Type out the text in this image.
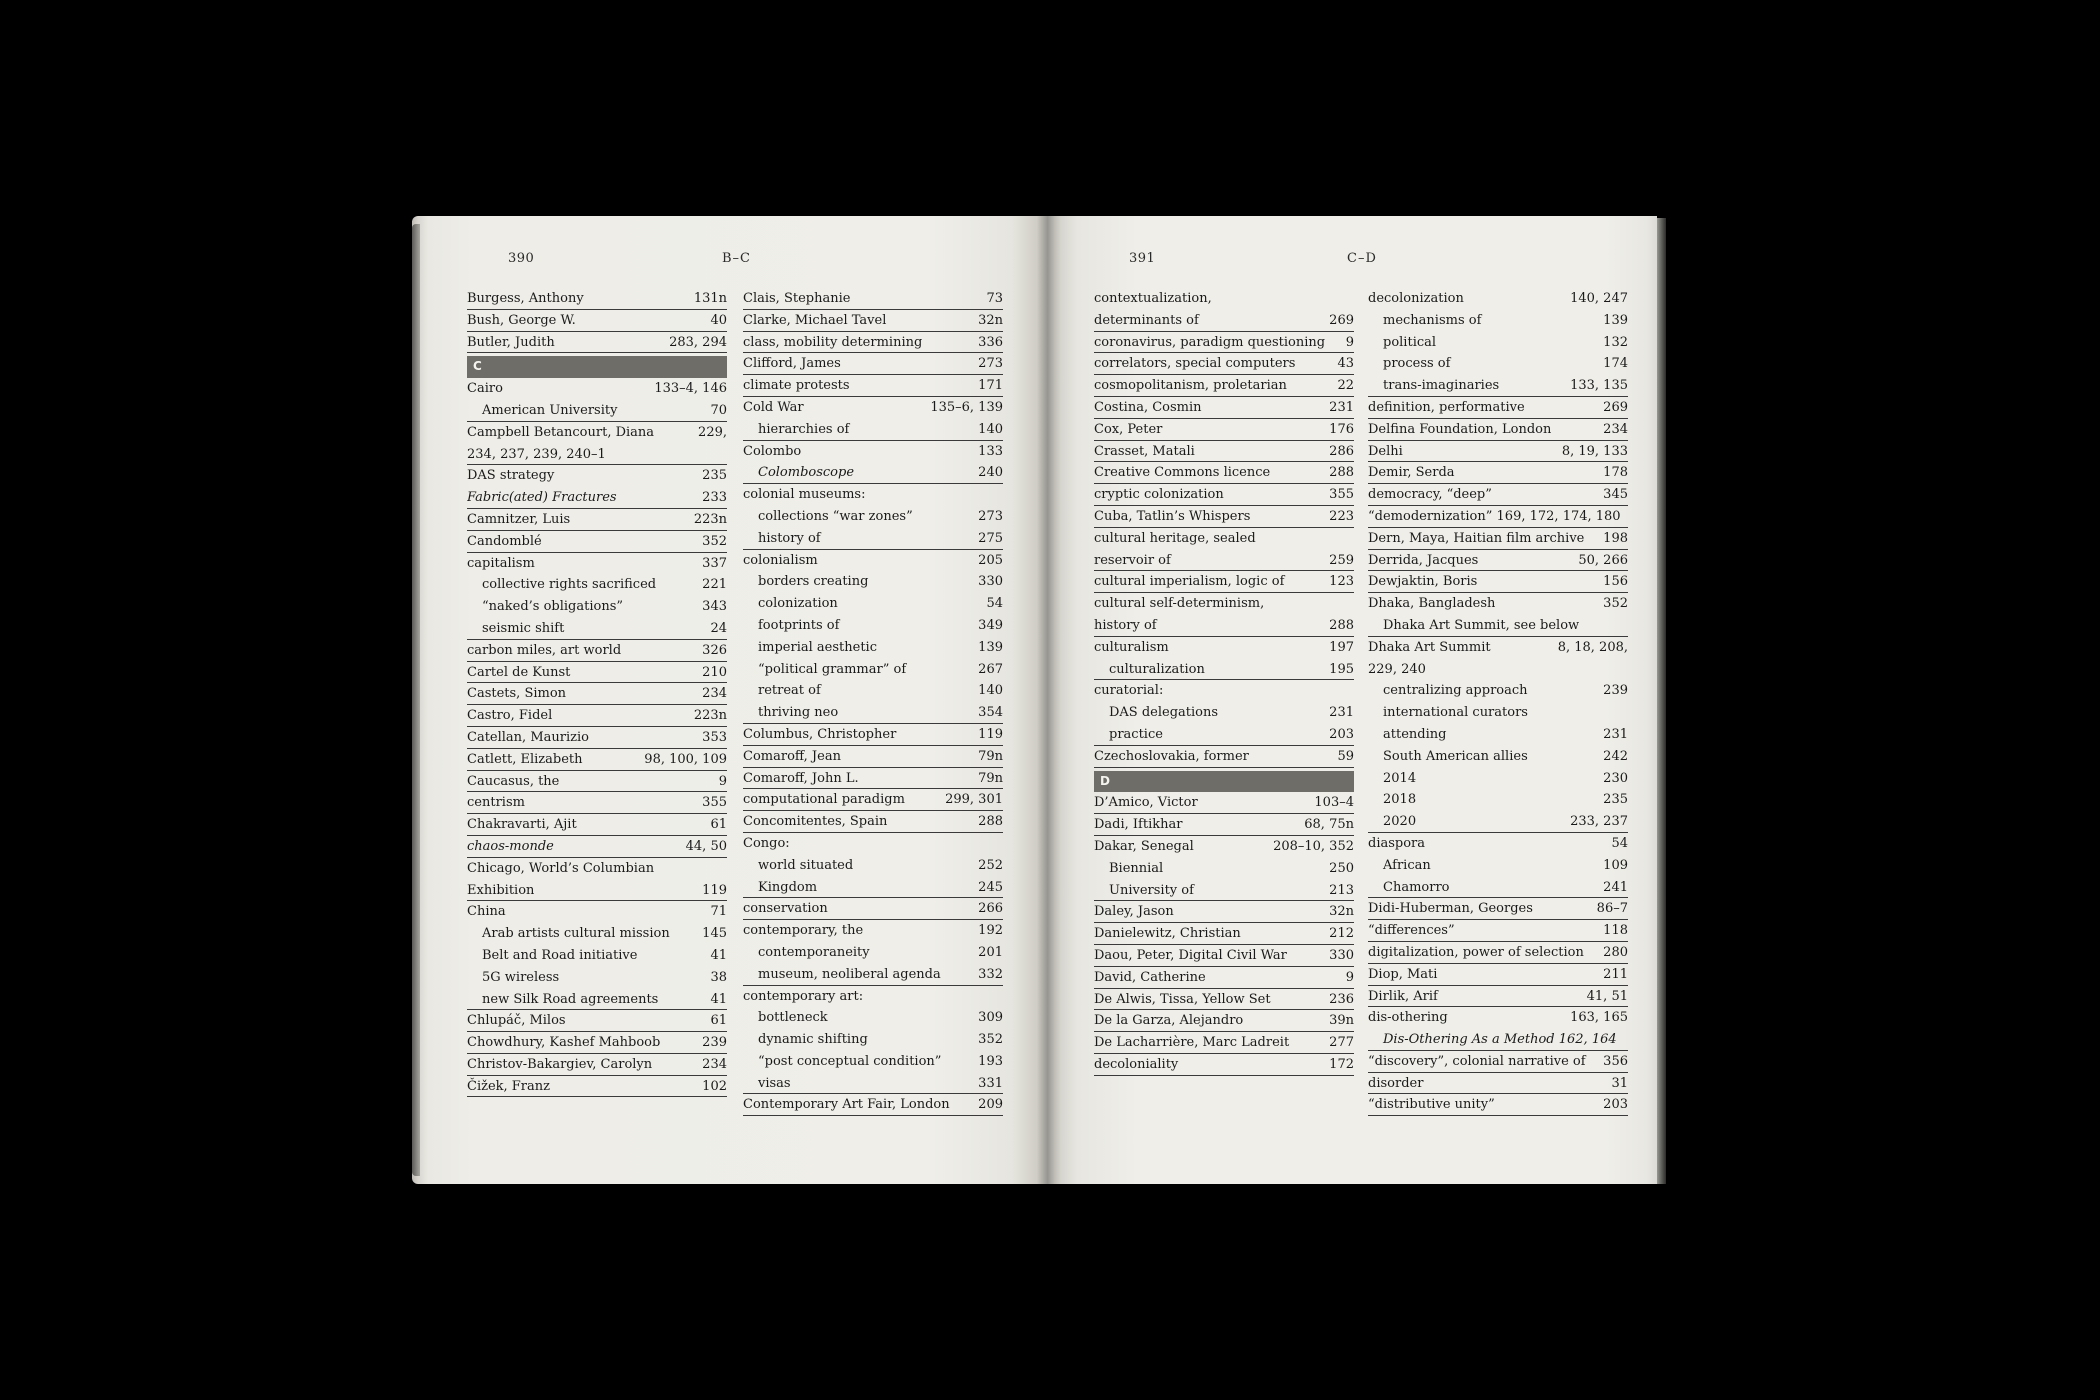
390	B–C
Burgess, Anthony	131n
Bush, George W.	40
Butler, Judith	283, 294
C
Cairo	133–4, 146
American University	70
Campbell Betancourt, Diana	229,
234, 237, 239, 240–1
DAS strategy	235
Fabric(ated) Fractures	233
Camnitzer, Luis	223n
Candomblé	352
capitalism	337
collective rights sacrificed	221
“naked’s obligations”	343
seismic shift	24
carbon miles, art world	326
Cartel de Kunst	210
Castets, Simon	234
Castro, Fidel	223n
Catellan, Maurizio	353
Catlett, Elizabeth	98, 100, 109
Caucasus, the	9
centrism	355
Chakravarti, Ajit	61
chaos-monde	44, 50
Chicago, World’s Columbian
Exhibition	119
China	71
Arab artists cultural mission	145
Belt and Road initiative	41
5G wireless	38
new Silk Road agreements	41
Chlupáč, Milos	61
Chowdhury, Kashef Mahboob	239
Christov-Bakargiev, Carolyn	234
Čižek, Franz	102
Clais, Stephanie	73
Clarke, Michael Tavel	32n
class, mobility determining	336
Clifford, James	273
climate protests	171
Cold War	135–6, 139
hierarchies of	140
Colombo	133
Colomboscope	240
colonial museums:
collections “war zones”	273
history of	275
colonialism	205
borders creating	330
colonization	54
footprints of	349
imperial aesthetic	139
“political grammar” of	267
retreat of	140
thriving neo	354
Columbus, Christopher	119
Comaroff, Jean	79n
Comaroff, John L.	79n
computational paradigm	299, 301
Concomitentes, Spain	288
Congo:
world situated	252
Kingdom	245
conservation	266
contemporary, the	192
contemporaneity	201
museum, neoliberal agenda	332
contemporary art:
bottleneck	309
dynamic shifting	352
“post conceptual condition”	193
visas	331
Contemporary Art Fair, London	209
391	C–D
contextualization,
determinants of	269
coronavirus, paradigm questioning	9
correlators, special computers	43
cosmopolitanism, proletarian	22
Costina, Cosmin	231
Cox, Peter	176
Crasset, Matali	286
Creative Commons licence	288
cryptic colonization	355
Cuba, Tatlin’s Whispers	223
cultural heritage, sealed
reservoir of	259
cultural imperialism, logic of	123
cultural self-determinism,
history of	288
culturalism	197
culturalization	195
curatorial:
DAS delegations	231
practice	203
Czechoslovakia, former	59
D
D’Amico, Victor	103–4
Dadi, Iftikhar	68, 75n
Dakar, Senegal	208–10, 352
Biennial	250
University of	213
Daley, Jason	32n
Danielewitz, Christian	212
Daou, Peter, Digital Civil War	330
David, Catherine	9
De Alwis, Tissa, Yellow Set	236
De la Garza, Alejandro	39n
De Lacharrière, Marc Ladreit	277
decoloniality	172
decolonization	140, 247
mechanisms of	139
political	132
process of	174
trans-imaginaries	133, 135
definition, performative	269
Delfina Foundation, London	234
Delhi	8, 19, 133
Demir, Serda	178
democracy, “deep”	345
“demodernization” 169, 172, 174, 180
Dern, Maya, Haitian film archive	198
Derrida, Jacques	50, 266
Dewjaktin, Boris	156
Dhaka, Bangladesh	352
Dhaka Art Summit, see below
Dhaka Art Summit	8, 18, 208,
229, 240
centralizing approach	239
international curators
attending	231
South American allies	242
2014	230
2018	235
2020	233, 237
diaspora	54
African	109
Chamorro	241
Didi-Huberman, Georges	86–7
“differences”	118
digitalization, power of selection	280
Diop, Mati	211
Dirlik, Arif	41, 51
dis-othering	163, 165
Dis-Othering As a Method 162, 164
“discovery”, colonial narrative of	356
disorder	31
“distributive unity”	203
